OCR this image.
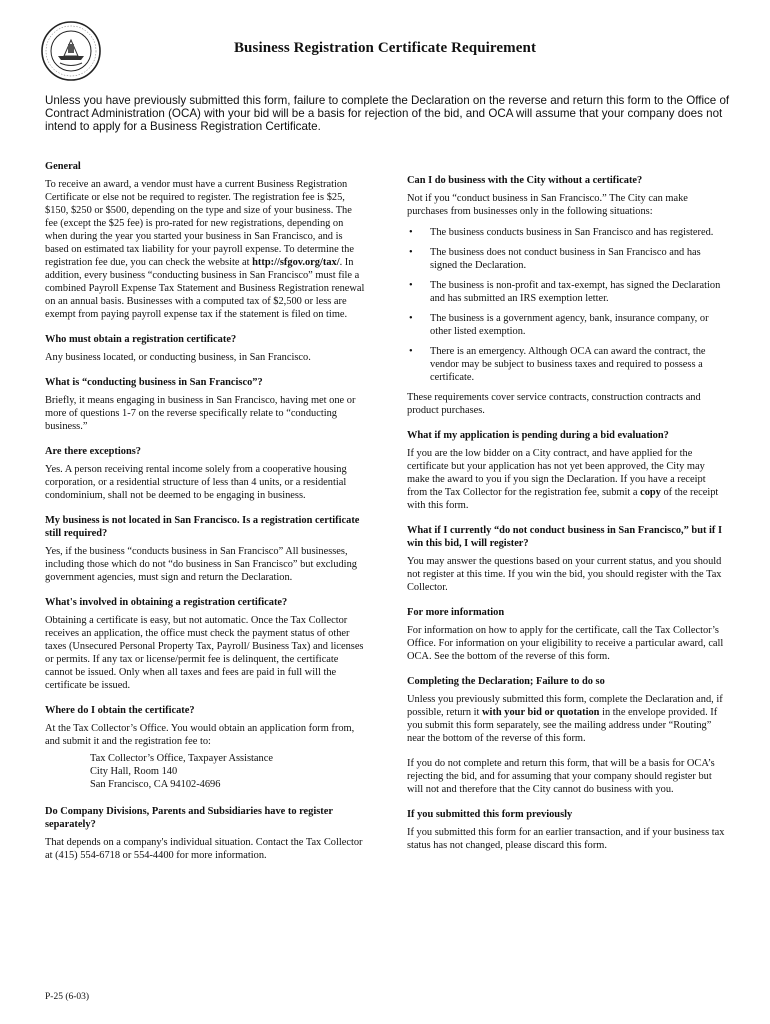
Business Registration Certificate Requirement
Unless you have previously submitted this form, failure to complete the Declaration on the reverse and return this form to the Office of Contract Administration (OCA) with your bid will be a basis for rejection of the bid, and OCA will assume that your company does not intend to apply for a Business Registration Certificate.
General

To receive an award, a vendor must have a current Business Registration Certificate or else not be required to register. The registration fee is $25, $150, $250 or $500, depending on the type and size of your business. The fee (except the $25 fee) is pro-rated for new registrations, depending on when during the year you started your business in San Francisco, and is based on estimated tax liability for your payroll expense. To determine the registration fee due, you can check the website at http://sfgov.org/tax/. In addition, every business “conducting business in San Francisco” must file a combined Payroll Expense Tax Statement and Business Registration renewal on an annual basis. Businesses with a computed tax of $2,500 or less are exempt from paying payroll expense tax if the statement is filed on time.

Who must obtain a registration certificate?

Any business located, or conducting business, in San Francisco.

What is “conducting business in San Francisco”?

Briefly, it means engaging in business in San Francisco, having met one or more of questions 1-7 on the reverse specifically relate to “conducting business.”

Are there exceptions?

Yes. A person receiving rental income solely from a cooperative housing corporation, or a residential structure of less than 4 units, or a residential condominium, shall not be deemed to be engaging in business.

My business is not located in San Francisco. Is a registration certificate still required?

Yes, if the business “conducts business in San Francisco” All businesses, including those which do not “do business in San Francisco” but excluding government agencies, must sign and return the Declaration.

What's involved in obtaining a registration certificate?

Obtaining a certificate is easy, but not automatic. Once the Tax Collector receives an application, the office must check the payment status of other taxes (Unsecured Personal Property Tax, Payroll/ Business Tax) and licenses or permits. If any tax or license/permit fee is delinquent, the certificate cannot be issued. Only when all taxes and fees are paid in full will the certificate be issued.

Where do I obtain the certificate?

At the Tax Collector’s Office. You would obtain an application form from, and submit it and the registration fee to:

Tax Collector’s Office, Taxpayer Assistance
City Hall, Room 140
San Francisco, CA 94102-4696
Do Company Divisions, Parents and Subsidiaries have to register separately?

That depends on a company's individual situation. Contact the Tax Collector at (415) 554-6718 or 554-4400 for more information.

Can I do business with the City without a certificate?

Not if you “conduct business in San Francisco.” The City can make purchases from businesses only in the following situations:

• The business conducts business in San Francisco and has registered.
• The business does not conduct business in San Francisco and has signed the Declaration.
• The business is non-profit and tax-exempt, has signed the Declaration and has submitted an IRS exemption letter.
• The business is a government agency, bank, insurance company, or other listed exemption.
• There is an emergency. Although OCA can award the contract, the vendor may be subject to business taxes and required to possess a certificate.

These requirements cover service contracts, construction contracts and product purchases.

What if my application is pending during a bid evaluation?

If you are the low bidder on a City contract, and have applied for the certificate but your application has not yet been approved, the City may make the award to you if you sign the Declaration. If you have a receipt from the Tax Collector for the registration fee, submit a copy of the receipt with this form.

What if I currently “do not conduct business in San Francisco,” but if I win this bid, I will register?

You may answer the questions based on your current status, and you should not register at this time. If you win the bid, you should register with the Tax Collector.

For more information

For information on how to apply for the certificate, call the Tax Collector’s Office. For information on your eligibility to receive a particular award, call OCA. See the bottom of the reverse of this form.

Completing the Declaration; Failure to do so

Unless you previously submitted this form, complete the Declaration and, if possible, return it with your bid or quotation in the envelope provided. If you submit this form separately, see the mailing address under “Routing” near the bottom of the reverse of this form.

If you do not complete and return this form, that will be a basis for OCA’s rejecting the bid, and for assuming that your company should register but will not and therefore that the City cannot do business with you.

If you submitted this form previously

If you submitted this form for an earlier transaction, and if your business tax status has not changed, please discard this form.

P-25 (6-03)
